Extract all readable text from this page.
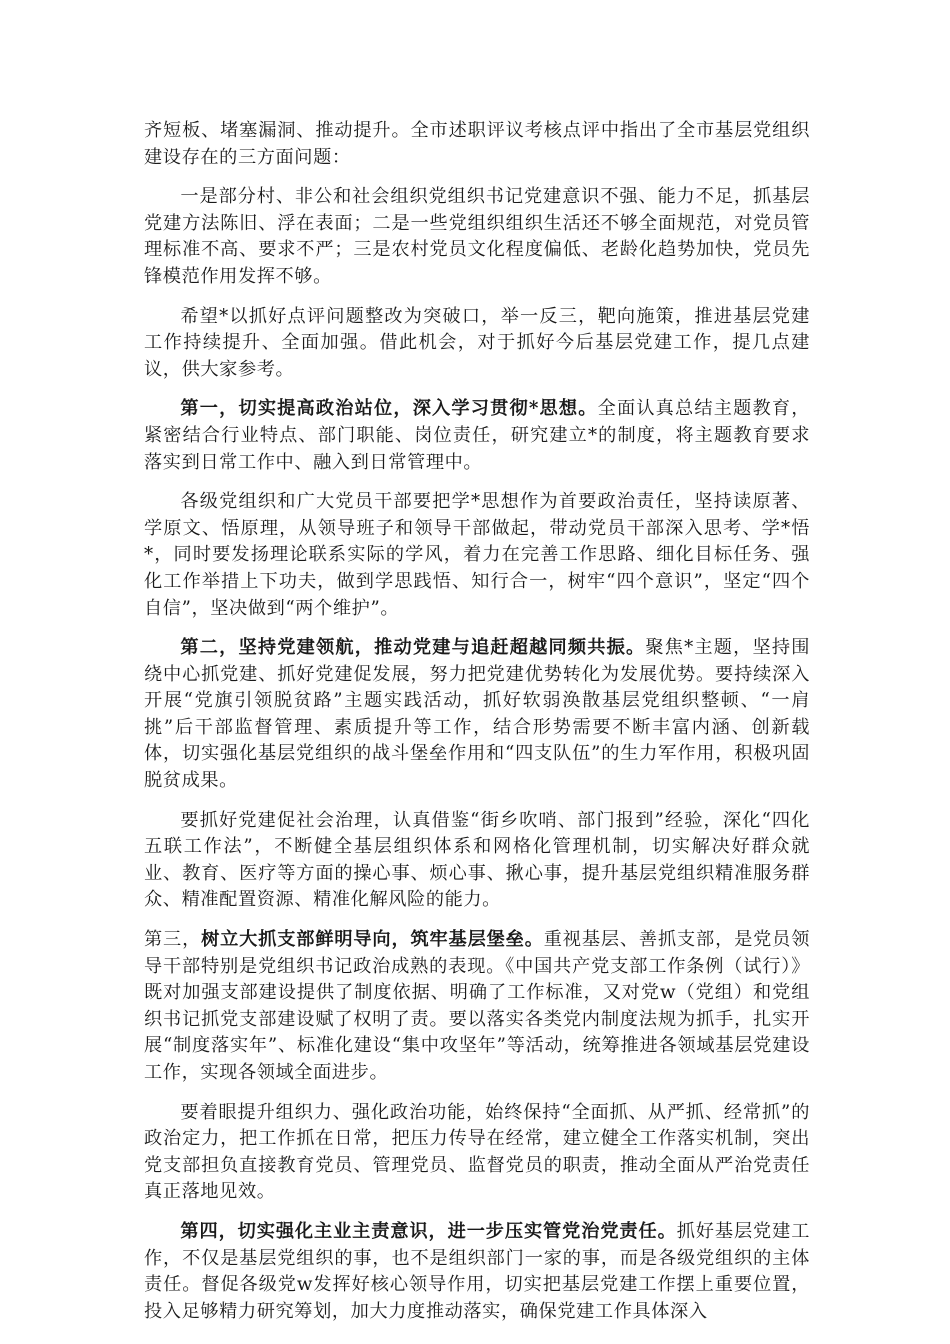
齐短板、堵塞漏洞、推动提升。全市述职评议考核点评中指出了全市基层党组织建设存在的三方面问题：

一是部分村、非公和社会组织党组织书记党建意识不强、能力不足，抓基层党建方法陈旧、浮在表面；二是一些党组织组织生活还不够全面规范，对党员管理标准不高、要求不严；三是农村党员文化程度偏低、老龄化趋势加快，党员先锋模范作用发挥不够。

希望*以抓好点评问题整改为突破口，举一反三，靶向施策，推进基层党建工作持续提升、全面加强。借此机会，对于抓好今后基层党建工作，提几点建议，供大家参考。

第一，切实提高政治站位，深入学习贯彻*思想。全面认真总结主题教育，紧密结合行业特点、部门职能、岗位责任，研究建立*的制度，将主题教育要求落实到日常工作中、融入到日常管理中。

各级党组织和广大党员干部要把学*思想作为首要政治责任，坚持读原著、学原文、悟原理，从领导班子和领导干部做起，带动党员干部深入思考、学*悟*，同时要发扬理论联系实际的学风，着力在完善工作思路、细化目标任务、强化工作举措上下功夫，做到学思践悟、知行合一，树牢“四个意识”，坚定“四个自信”，坚决做到“两个维护”。

第二，坚持党建领航，推动党建与追赶超越同频共振。聚焦*主题，坚持围绕中心抓党建、抓好党建促发展，努力把党建优势转化为发展优势。要持续深入开展“党旗引领脱贫路”主题实践活动，抓好软弱涣散基层党组织整顿、“一肩挑”后干部监督管理、素质提升等工作，结合形势需要不断丰富内涵、创新载体，切实强化基层党组织的战斗堡垒作用和“四支队伍”的生力军作用，积极巩固脱贫成果。

要抓好党建促社会治理，认真借鉴“街乡吹哨、部门报到”经验，深化“四化五联工作法”，不断健全基层组织体系和网格化管理机制，切实解决好群众就业、教育、医疗等方面的操心事、烦心事、揪心事，提升基层党组织精准服务群众、精准配置资源、精准化解风险的能力。

第三，树立大抓支部鲜明导向，筑牢基层堡垒。重视基层、善抓支部，是党员领导干部特别是党组织书记政治成熟的表现。《中国共产党支部工作条例（试行）》既对加强支部建设提供了制度依据、明确了工作标准，又对党w（党组）和党组织书记抓党支部建设赋了权明了责。要以落实各类党内制度法规为抓手，扎实开展“制度落实年”、标准化建设“集中攻坚年”等活动，统筹推进各领域基层党建设工作，实现各领域全面进步。

要着眼提升组织力、强化政治功能，始终保持“全面抓、从严抓、经常抓”的政治定力，把工作抓在日常，把压力传导在经常，建立健全工作落实机制，突出党支部担负直接教育党员、管理党员、监督党员的职责，推动全面从严治党责任真正落地见效。

第四，切实强化主业主责意识，进一步压实管党治党责任。抓好基层党建工作，不仅是基层党组织的事，也不是组织部门一家的事，而是各级党组织的主体责任。督促各级党w发挥好核心领导作用，切实把基层党建工作摆上重要位置，投入足够精力研究筹划，加大力度推动落实，确保党建工作具体深入
